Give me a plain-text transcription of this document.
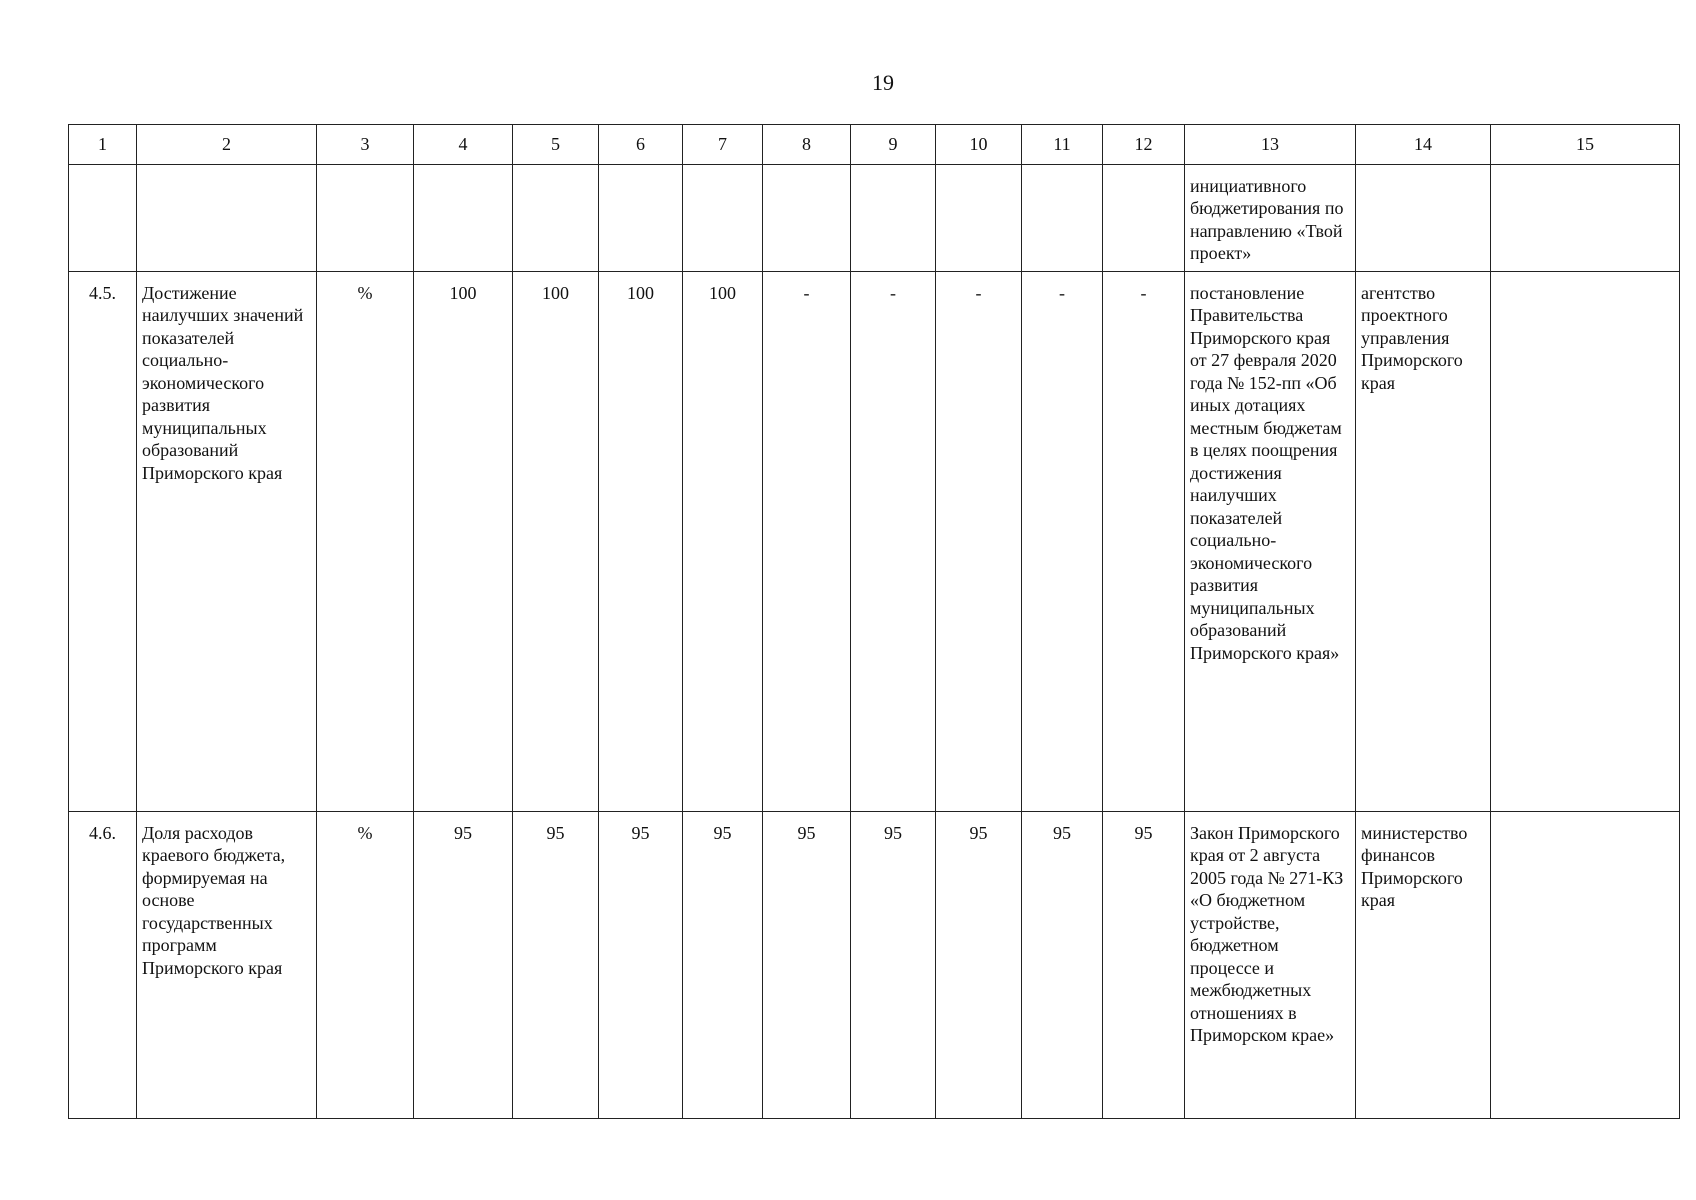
19
1	2	3	4	5	6	7	8	9	10	11	12	13	14	15
												инициативного бюджетирования по направлению «Твой проект»		
4.5.	Достижение наилучших значений показателей социально-экономического развития муниципальных образований Приморского края	%	100	100	100	100	-	-	-	-	-	постановление Правительства Приморского края от 27 февраля 2020 года № 152-пп «Об иных дотациях местным бюджетам в целях поощрения достижения наилучших показателей социально-экономического развития муниципальных образований Приморского края»	агентство проектного управления Приморского края	
4.6.	Доля расходов краевого бюджета, формируемая на основе государственных программ Приморского края	%	95	95	95	95	95	95	95	95	95	Закон Приморского края от 2 августа 2005 года № 271-КЗ «О бюджетном устройстве, бюджетном процессе и межбюджетных отношениях в Приморском крае»	министерство финансов Приморского края	
